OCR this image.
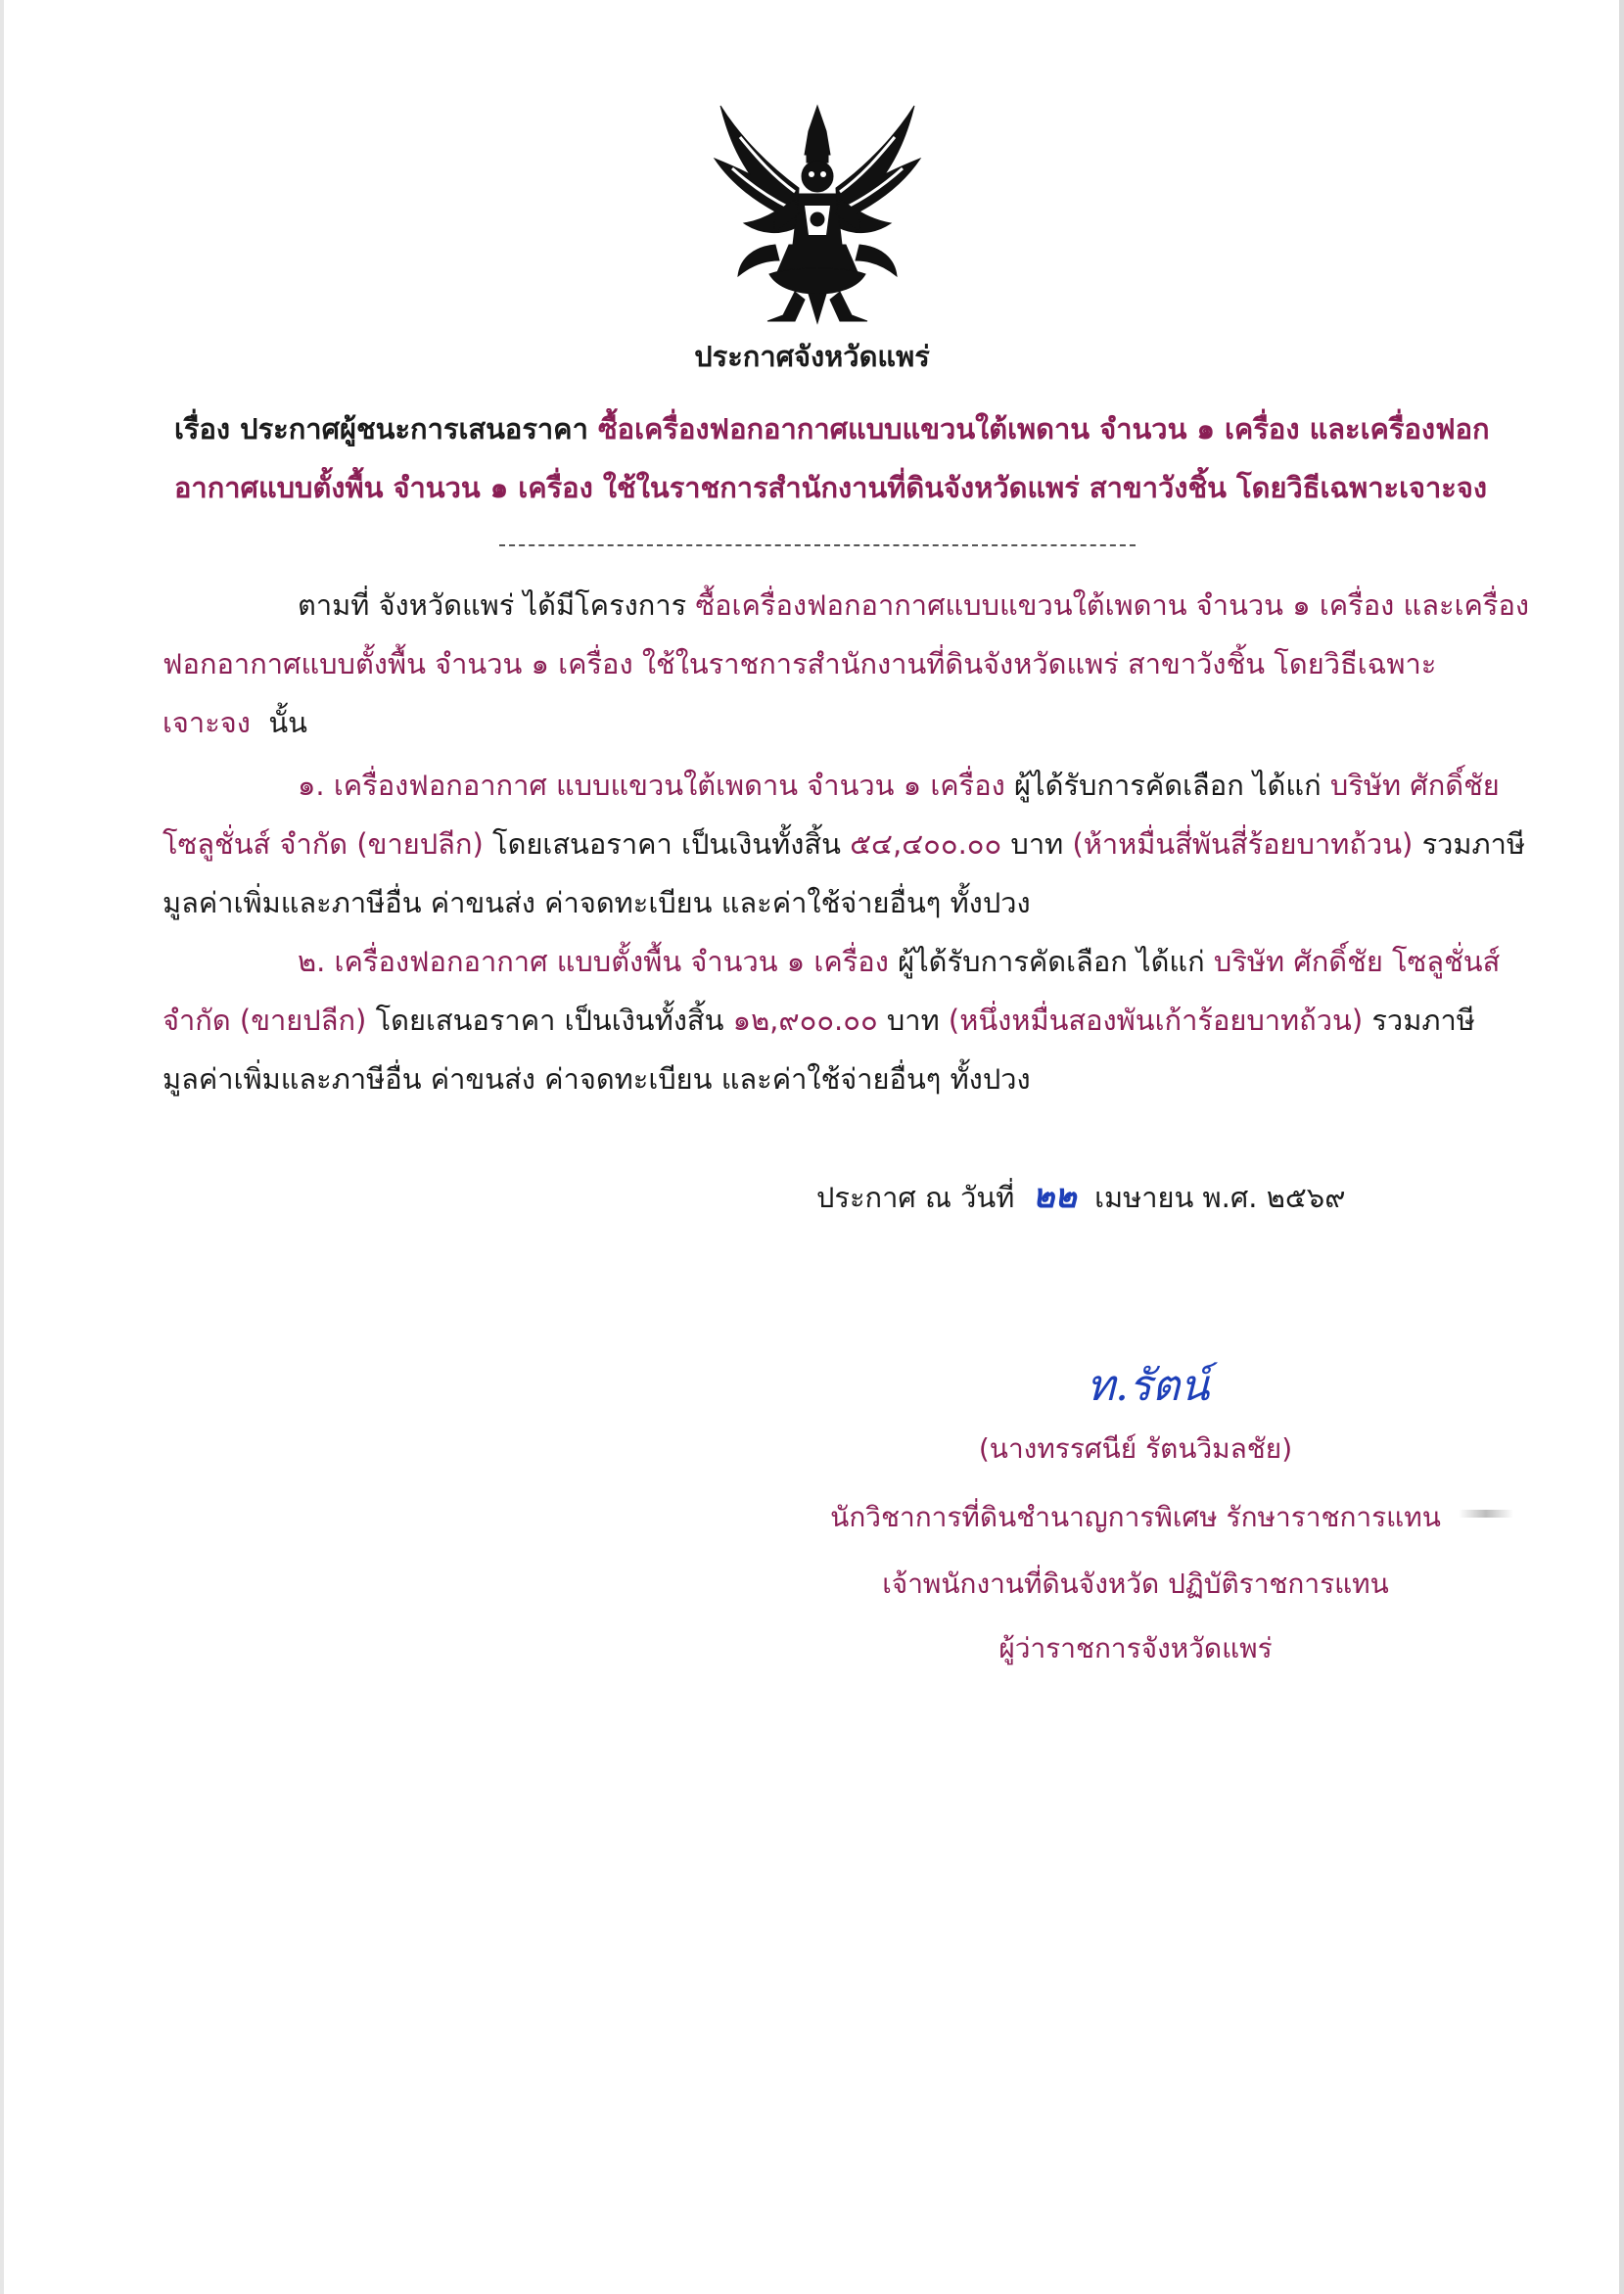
ประกาศจังหวัดแพร่
เรื่อง ประกาศผู้ชนะการเสนอราคา ซื้อเครื่องฟอกอากาศแบบแขวนใต้เพดาน จำนวน ๑ เครื่อง และเครื่องฟอก
อากาศแบบตั้งพื้น จำนวน ๑ เครื่อง ใช้ในราชการสำนักงานที่ดินจังหวัดแพร่ สาขาวังชิ้น โดยวิธีเฉพาะเจาะจง
ตามที่ จังหวัดแพร่ ได้มีโครงการ ซื้อเครื่องฟอกอากาศแบบแขวนใต้เพดาน จำนวน ๑ เครื่อง และเครื่อง
ฟอกอากาศแบบตั้งพื้น จำนวน ๑ เครื่อง ใช้ในราชการสำนักงานที่ดินจังหวัดแพร่ สาขาวังชิ้น โดยวิธีเฉพาะ
เจาะจง นั้น
๑. เครื่องฟอกอากาศ แบบแขวนใต้เพดาน จำนวน ๑ เครื่อง ผู้ได้รับการคัดเลือก ได้แก่ บริษัท ศักดิ์ชัย
โซลูชั่นส์ จำกัด (ขายปลีก) โดยเสนอราคา เป็นเงินทั้งสิ้น ๕๔,๔๐๐.๐๐ บาท (ห้าหมื่นสี่พันสี่ร้อยบาทถ้วน) รวมภาษี
มูลค่าเพิ่มและภาษีอื่น ค่าขนส่ง ค่าจดทะเบียน และค่าใช้จ่ายอื่นๆ ทั้งปวง
๒. เครื่องฟอกอากาศ แบบตั้งพื้น จำนวน ๑ เครื่อง ผู้ได้รับการคัดเลือก ได้แก่ บริษัท ศักดิ์ชัย โซลูชั่นส์
จำกัด (ขายปลีก) โดยเสนอราคา เป็นเงินทั้งสิ้น ๑๒,๙๐๐.๐๐ บาท (หนึ่งหมื่นสองพันเก้าร้อยบาทถ้วน) รวมภาษี
มูลค่าเพิ่มและภาษีอื่น ค่าขนส่ง ค่าจดทะเบียน และค่าใช้จ่ายอื่นๆ ทั้งปวง
ประกาศ ณ วันที่ ๒๒ เมษายน พ.ศ. ๒๕๖๙
ท.รัตน์
(นางทรรศนีย์ รัตนวิมลชัย)
นักวิชาการที่ดินชำนาญการพิเศษ รักษาราชการแทน
เจ้าพนักงานที่ดินจังหวัด ปฏิบัติราชการแทน
ผู้ว่าราชการจังหวัดแพร่
